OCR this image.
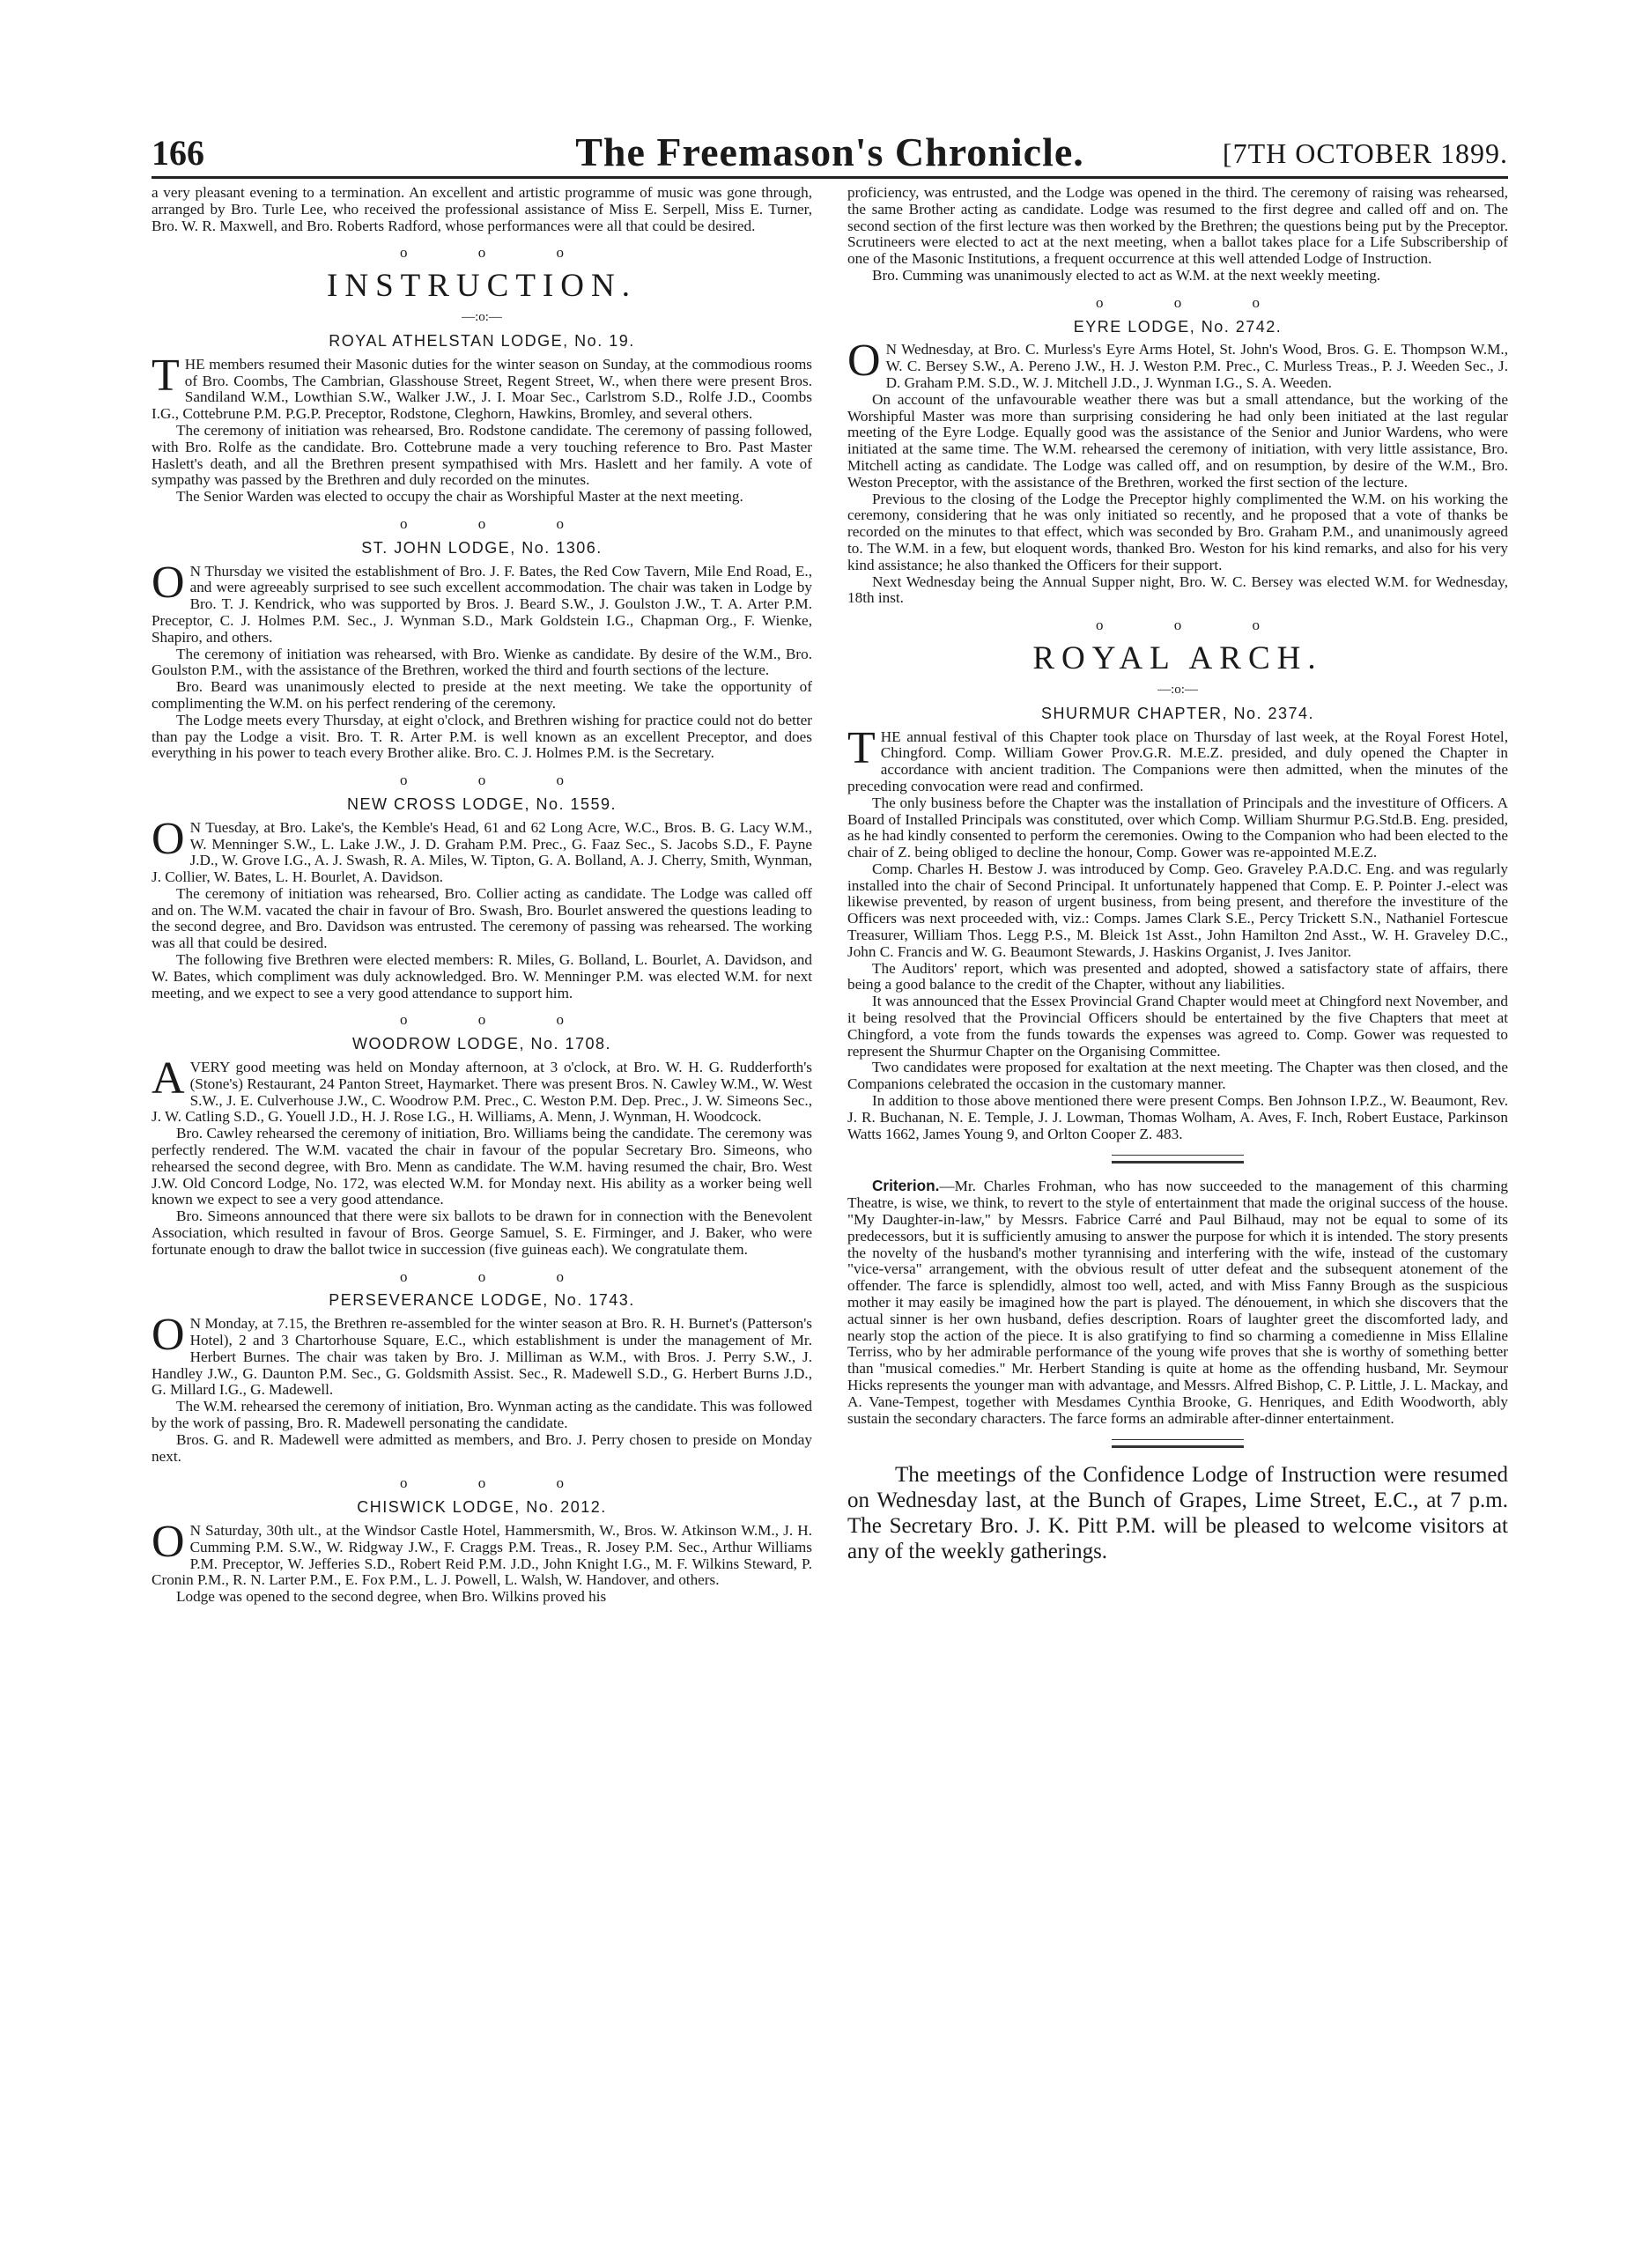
166	The Freemason's Chronicle.	[7TH OCTOBER 1899.

a very pleasant evening to a termination. An excellent and artistic programme of music was gone through, arranged by Bro. Turle Lee, who received the professional assistance of Miss E. Serpell, Miss E. Turner, Bro. W. R. Maxwell, and Bro. Roberts Radford, whose performances were all that could be desired.

o o o
INSTRUCTION.
—:o:—
ROYAL ATHELSTAN LODGE, No. 19.

THE members resumed their Masonic duties for the winter season on Sunday, at the commodious rooms of Bro. Coombs, The Cambrian, Glasshouse Street, Regent Street, W., when there were present Bros. Sandiland W.M., Lowthian S.W., Walker J.W., J. I. Moar Sec., Carlstrom S.D., Rolfe J.D., Coombs I.G., Cottebrune P.M. P.G.P. Preceptor, Rodstone, Cleghorn, Hawkins, Bromley, and several others.

The ceremony of initiation was rehearsed, Bro. Rodstone candidate. The ceremony of passing followed, with Bro. Rolfe as the candidate. Bro. Cottebrune made a very touching reference to Bro. Past Master Haslett's death, and all the Brethren present sympathised with Mrs. Haslett and her family. A vote of sympathy was passed by the Brethren and duly recorded on the minutes.

The Senior Warden was elected to occupy the chair as Worshipful Master at the next meeting.

o o o
ST. JOHN LODGE, No. 1306.

O N Thursday we visited the establishment of Bro. J. F. Bates, the Red Cow Tavern, Mile End Road, E., and were agreeably surprised to see such excellent accommodation. The chair was taken in Lodge by Bro. T. J. Kendrick, who was supported by Bros. J. Beard S.W., J. Goulston J.W., T. A. Arter P.M. Preceptor, C. J. Holmes P.M. Sec., J. Wynman S.D., Mark Goldstein I.G., Chapman Org., F. Wienke, Shapiro, and others.

The ceremony of initiation was rehearsed, with Bro. Wienke as candidate. By desire of the W.M., Bro. Goulston P.M., with the assistance of the Brethren, worked the third and fourth sections of the lecture.

Bro. Beard was unanimously elected to preside at the next meeting. We take the opportunity of complimenting the W.M. on his perfect rendering of the ceremony.

The Lodge meets every Thursday, at eight o'clock, and Brethren wishing for practice could not do better than pay the Lodge a visit. Bro. T. R. Arter P.M. is well known as an excellent Preceptor, and does everything in his power to teach every Brother alike. Bro. C. J. Holmes P.M. is the Secretary.

o o o
NEW CROSS LODGE, No. 1559.

O N Tuesday, at Bro. Lake's, the Kemble's Head, 61 and 62 Long Acre, W.C., Bros. B. G. Lacy W.M., W. Menninger S.W., L. Lake J.W., J. D. Graham P.M. Prec., G. Faaz Sec., S. Jacobs S.D., F. Payne J.D., W. Grove I.G., A. J. Swash, R. A. Miles, W. Tipton, G. A. Bolland, A. J. Cherry, Smith, Wynman, J. Collier, W. Bates, L. H. Bourlet, A. Davidson.

The ceremony of initiation was rehearsed, Bro. Collier acting as candidate. The Lodge was called off and on. The W.M. vacated the chair in favour of Bro. Swash, Bro. Bourlet answered the questions leading to the second degree, and Bro. Davidson was entrusted. The ceremony of passing was rehearsed. The working was all that could be desired.

The following five Brethren were elected members: R. Miles, G. Bolland, L. Bourlet, A. Davidson, and W. Bates, which compliment was duly acknowledged. Bro. W. Menninger P.M. was elected W.M. for next meeting, and we expect to see a very good attendance to support him.

o o o
WOODROW LODGE, No. 1708.

AVERY good meeting was held on Monday afternoon, at 3 o'clock, at Bro. W. H. G. Rudderforth's (Stone's) Restaurant, 24 Panton Street, Haymarket. There was present Bros. N. Cawley W.M., W. West S.W., J. E. Culverhouse J.W., C. Woodrow P.M. Prec., C. Weston P.M. Dep. Prec., J. W. Simeons Sec., J. W. Catling S.D., G. Youell J.D., H. J. Rose I.G., H. Williams, A. Menn, J. Wynman, H. Woodcock.

Bro. Cawley rehearsed the ceremony of initiation, Bro. Williams being the candidate. The ceremony was perfectly rendered. The W.M. vacated the chair in favour of the popular Secretary Bro. Simeons, who rehearsed the second degree, with Bro. Menn as candidate. The W.M. having resumed the chair, Bro. West J.W. Old Concord Lodge, No. 172, was elected W.M. for Monday next. His ability as a worker being well known we expect to see a very good attendance.

Bro. Simeons announced that there were six ballots to be drawn for in connection with the Benevolent Association, which resulted in favour of Bros. George Samuel, S. E. Firminger, and J. Baker, who were fortunate enough to draw the ballot twice in succession (five guineas each). We congratulate them.

o o o
PERSEVERANCE LODGE, No. 1743.

O N Monday, at 7.15, the Brethren re-assembled for the winter season at Bro. R. H. Burnet's (Patterson's Hotel), 2 and 3 Chartorhouse Square, E.C., which establishment is under the management of Mr. Herbert Burnes. The chair was taken by Bro. J. Milliman as W.M., with Bros. J. Perry S.W., J. Handley J.W., G. Daunton P.M. Sec., G. Goldsmith Assist. Sec., R. Madewell S.D., G. Herbert Burns J.D., G. Millard I.G., G. Madewell.

The W.M. rehearsed the ceremony of initiation, Bro. Wynman acting as the candidate. This was followed by the work of passing, Bro. R. Madewell personating the candidate.

Bros. G. and R. Madewell were admitted as members, and Bro. J. Perry chosen to preside on Monday next.

o o o
CHISWICK LODGE, No. 2012.

O N Saturday, 30th ult., at the Windsor Castle Hotel, Hammersmith, W., Bros. W. Atkinson W.M., J. H. Cumming P.M. S.W., W. Ridgway J.W., F. Craggs P.M. Treas., R. Josey P.M. Sec., Arthur Williams P.M. Preceptor, W. Jefferies S.D., Robert Reid P.M. J.D., John Knight I.G., M. F. Wilkins Steward, P. Cronin P.M., R. N. Larter P.M., E. Fox P.M., L. J. Powell, L. Walsh, W. Handover, and others.

Lodge was opened to the second degree, when Bro. Wilkins proved his

proficiency, was entrusted, and the Lodge was opened in the third. The ceremony of raising was rehearsed, the same Brother acting as candidate. Lodge was resumed to the first degree and called off and on. The second section of the first lecture was then worked by the Brethren; the questions being put by the Preceptor. Scrutineers were elected to act at the next meeting, when a ballot takes place for a Life Subscribership of one of the Masonic Institutions, a frequent occurrence at this well attended Lodge of Instruction.

Bro. Cumming was unanimously elected to act as W.M. at the next weekly meeting.

o o o
EYRE LODGE, No. 2742.

O N Wednesday, at Bro. C. Murless's Eyre Arms Hotel, St. John's Wood, Bros. G. E. Thompson W.M., W. C. Bersey S.W., A. Pereno J.W., H. J. Weston P.M. Prec., C. Murless Treas., P. J. Weeden Sec., J. D. Graham P.M. S.D., W. J. Mitchell J.D., J. Wynman I.G., S. A. Weeden.

On account of the unfavourable weather there was but a small attendance, but the working of the Worshipful Master was more than surprising considering he had only been initiated at the last regular meeting of the Eyre Lodge. Equally good was the assistance of the Senior and Junior Wardens, who were initiated at the same time. The W.M. rehearsed the ceremony of initiation, with very little assistance, Bro. Mitchell acting as candidate. The Lodge was called off, and on resumption, by desire of the W.M., Bro. Weston Preceptor, with the assistance of the Brethren, worked the first section of the lecture.

Previous to the closing of the Lodge the Preceptor highly complimented the W.M. on his working the ceremony, considering that he was only initiated so recently, and he proposed that a vote of thanks be recorded on the minutes to that effect, which was seconded by Bro. Graham P.M., and unanimously agreed to. The W.M. in a few, but eloquent words, thanked Bro. Weston for his kind remarks, and also for his very kind assistance; he also thanked the Officers for their support.

Next Wednesday being the Annual Supper night, Bro. W. C. Bersey was elected W.M. for Wednesday, 18th inst.

o o o
ROYAL ARCH.
—:o:—
SHURMUR CHAPTER, No. 2374.

THE annual festival of this Chapter took place on Thursday of last week, at the Royal Forest Hotel, Chingford. Comp. William Gower Prov.G.R. M.E.Z. presided, and duly opened the Chapter in accordance with ancient tradition. The Companions were then admitted, when the minutes of the preceding convocation were read and confirmed.

The only business before the Chapter was the installation of Principals and the investiture of Officers. A Board of Installed Principals was constituted, over which Comp. William Shurmur P.G.Std.B. Eng. presided, as he had kindly consented to perform the ceremonies. Owing to the Companion who had been elected to the chair of Z. being obliged to decline the honour, Comp. Gower was re-appointed M.E.Z.

Comp. Charles H. Bestow J. was introduced by Comp. Geo. Graveley P.A.D.C. Eng. and was regularly installed into the chair of Second Principal. It unfortunately happened that Comp. E. P. Pointer J.-elect was likewise prevented, by reason of urgent business, from being present, and therefore the investiture of the Officers was next proceeded with, viz.: Comps. James Clark S.E., Percy Trickett S.N., Nathaniel Fortescue Treasurer, William Thos. Legg P.S., M. Bleick 1st Asst., John Hamilton 2nd Asst., W. H. Graveley D.C., John C. Francis and W. G. Beaumont Stewards, J. Haskins Organist, J. Ives Janitor.

The Auditors' report, which was presented and adopted, showed a satisfactory state of affairs, there being a good balance to the credit of the Chapter, without any liabilities.

It was announced that the Essex Provincial Grand Chapter would meet at Chingford next November, and it being resolved that the Provincial Officers should be entertained by the five Chapters that meet at Chingford, a vote from the funds towards the expenses was agreed to. Comp. Gower was requested to represent the Shurmur Chapter on the Organising Committee.

Two candidates were proposed for exaltation at the next meeting. The Chapter was then closed, and the Companions celebrated the occasion in the customary manner.

In addition to those above mentioned there were present Comps. Ben Johnson I.P.Z., W. Beaumont, Rev. J. R. Buchanan, N. E. Temple, J. J. Lowman, Thomas Wolham, A. Aves, F. Inch, Robert Eustace, Parkinson Watts 1662, James Young 9, and Orlton Cooper Z. 483.

Criterion.—Mr. Charles Frohman, who has now succeeded to the management of this charming Theatre, is wise, we think, to revert to the style of entertainment that made the original success of the house. "My Daughter-in-law," by Messrs. Fabrice Carré and Paul Bilhaud, may not be equal to some of its predecessors, but it is sufficiently amusing to answer the purpose for which it is intended. The story presents the novelty of the husband's mother tyrannising and interfering with the wife, instead of the customary "vice-versa" arrangement, with the obvious result of utter defeat and the subsequent atonement of the offender. The farce is splendidly, almost too well, acted, and with Miss Fanny Brough as the suspicious mother it may easily be imagined how the part is played. The dénouement, in which she discovers that the actual sinner is her own husband, defies description. Roars of laughter greet the discomforted lady, and nearly stop the action of the piece. It is also gratifying to find so charming a comedienne in Miss Ellaline Terriss, who by her admirable performance of the young wife proves that she is worthy of something better than "musical comedies." Mr. Herbert Standing is quite at home as the offending husband, Mr. Seymour Hicks represents the younger man with advantage, and Messrs. Alfred Bishop, C. P. Little, J. L. Mackay, and A. Vane-Tempest, together with Mesdames Cynthia Brooke, G. Henriques, and Edith Woodworth, ably sustain the secondary characters. The farce forms an admirable after-dinner entertainment.

The meetings of the Confidence Lodge of Instruction were resumed on Wednesday last, at the Bunch of Grapes, Lime Street, E.C., at 7 p.m. The Secretary Bro. J. K. Pitt P.M. will be pleased to welcome visitors at any of the weekly gatherings.
